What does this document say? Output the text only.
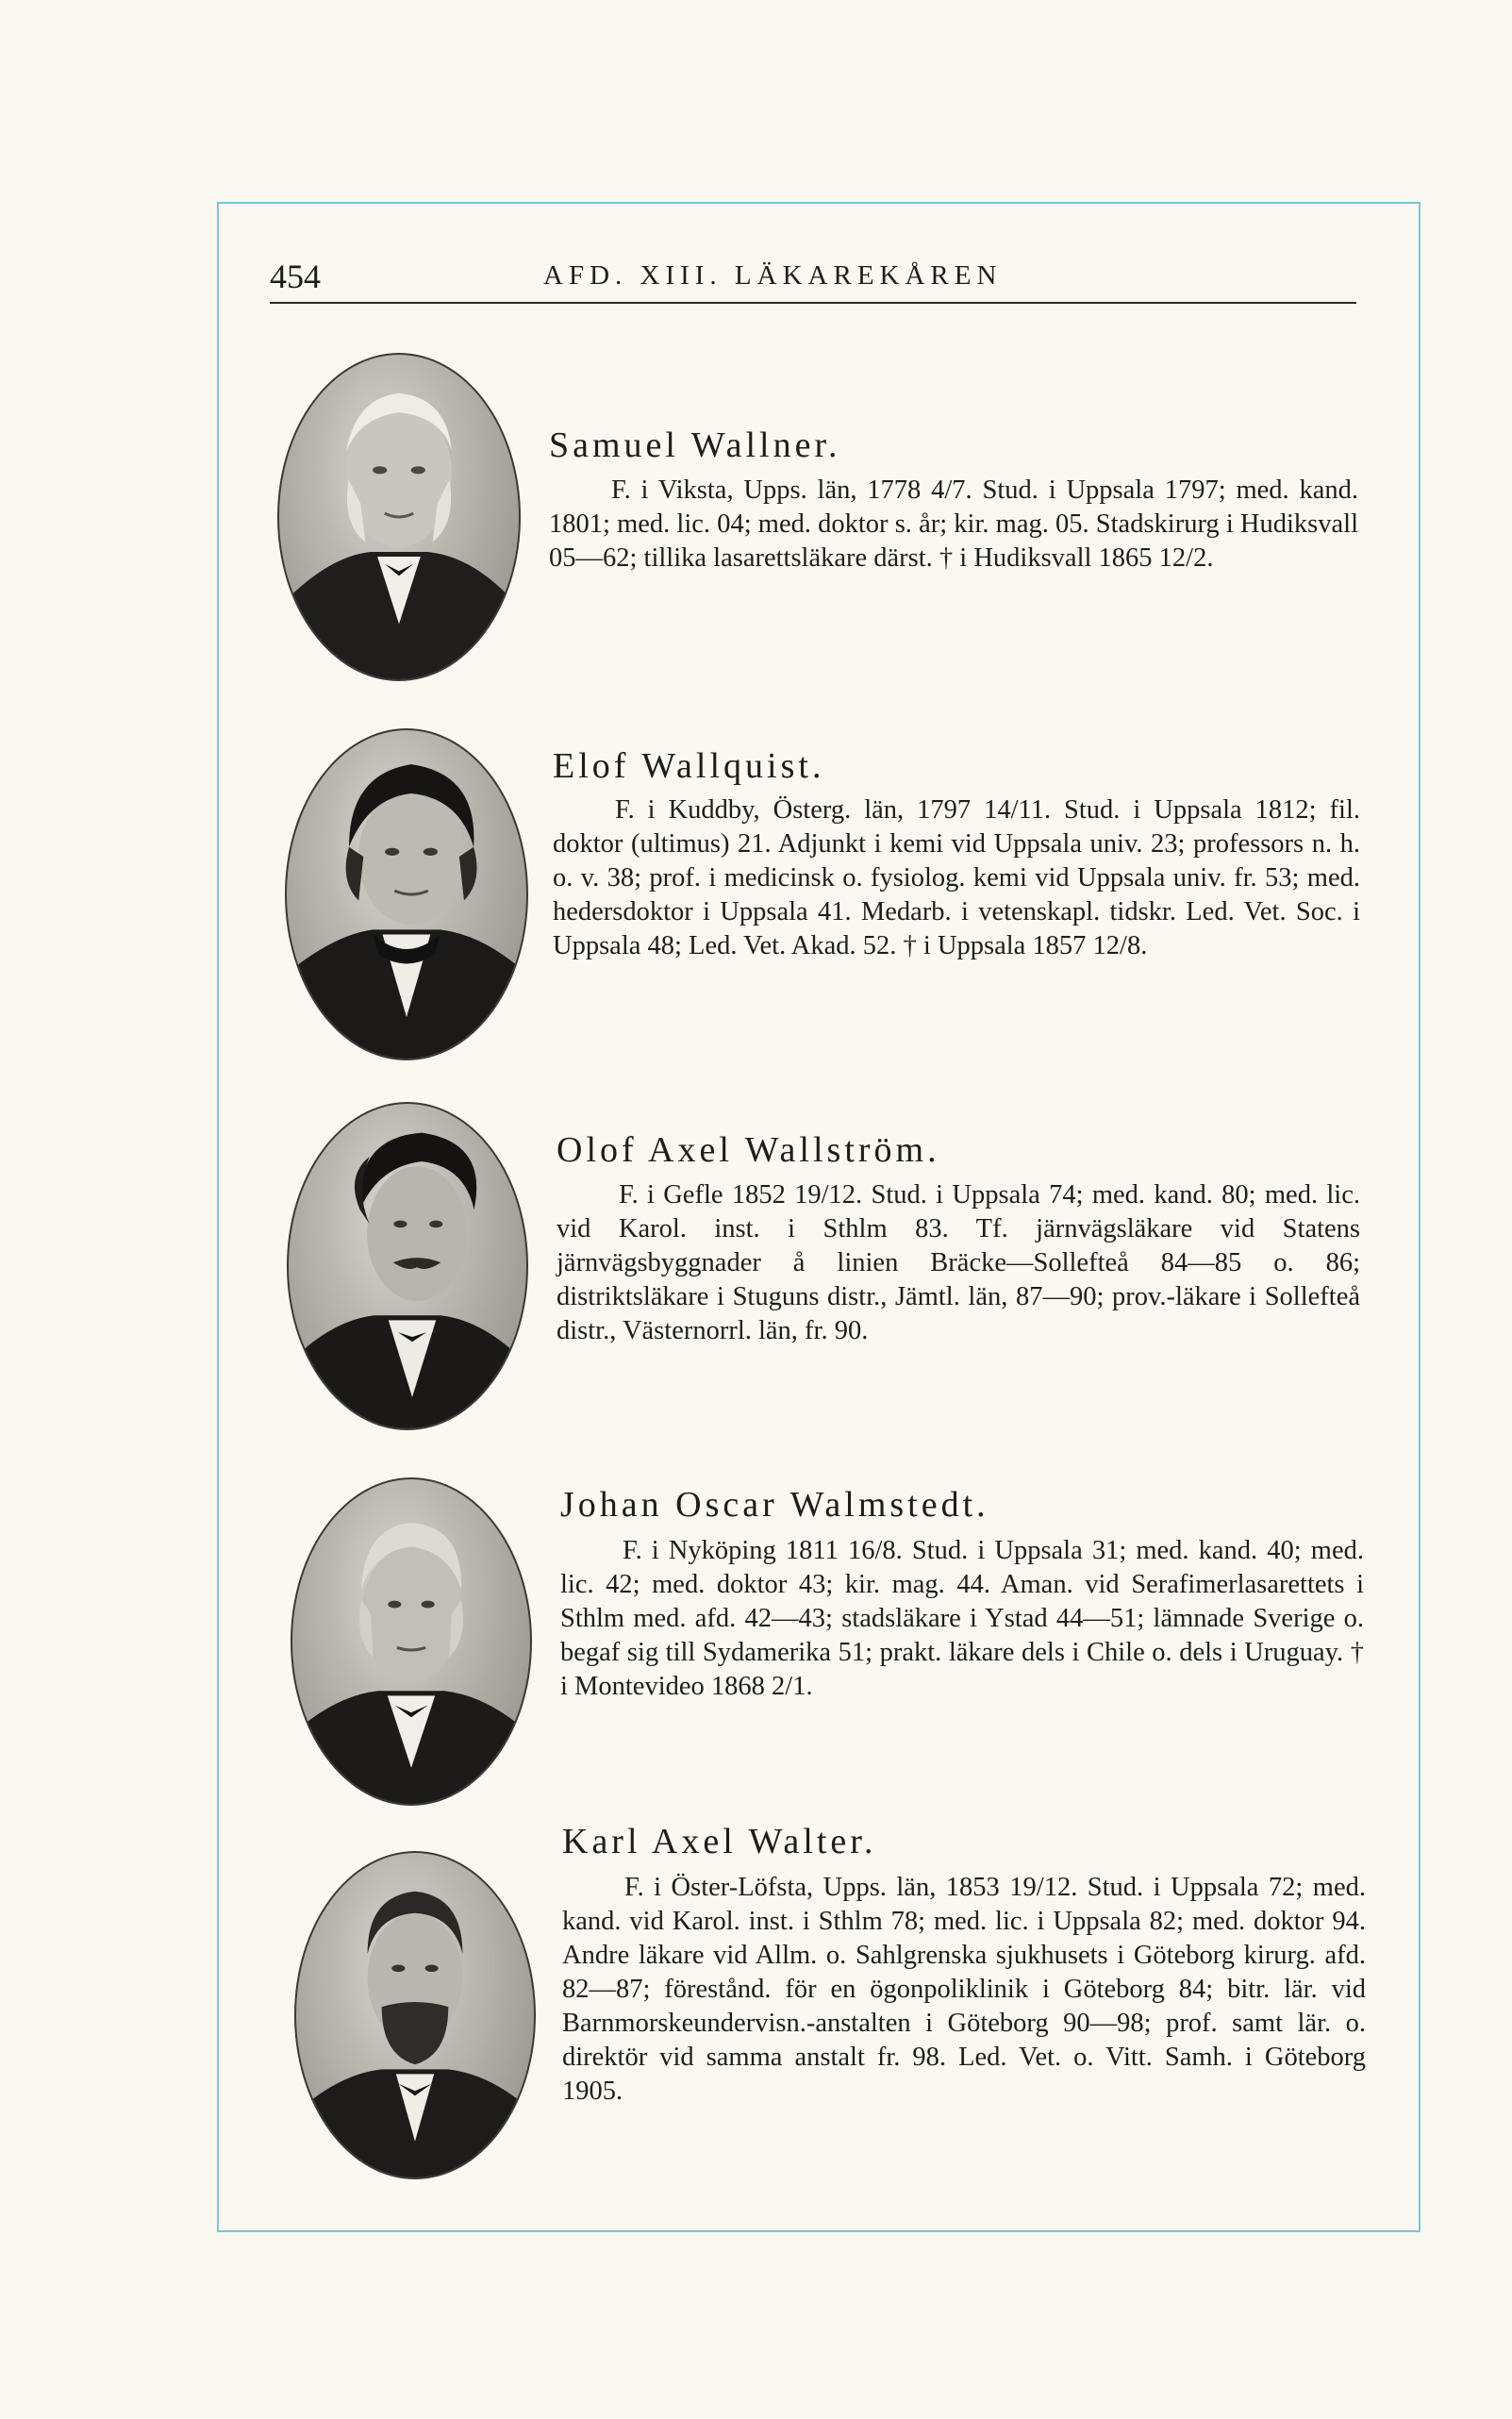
454	AFD. XIII. LÄKAREKÅREN
Samuel Wallner.

F. i Viksta, Upps. län, 1778 4/7. Stud. i Uppsala 1797; med. kand. 1801; med. lic. 04; med. doktor s. år; kir. mag. 05. Stadskirurg i Hudiksvall 05—62; tillika lasarettsläkare därst. † i Hudiksvall 1865 12/2.

Elof Wallquist.

F. i Kuddby, Österg. län, 1797 14/11. Stud. i Uppsala 1812; fil. doktor (ultimus) 21. Adjunkt i kemi vid Uppsala univ. 23; professors n. h. o. v. 38; prof. i medicinsk o. fysiolog. kemi vid Uppsala univ. fr. 53; med. hedersdoktor i Uppsala 41. Medarb. i vetenskapl. tidskr. Led. Vet. Soc. i Uppsala 48; Led. Vet. Akad. 52. † i Uppsala 1857 12/8.

Olof Axel Wallström.

F. i Gefle 1852 19/12. Stud. i Uppsala 74; med. kand. 80; med. lic. vid Karol. inst. i Sthlm 83. Tf. järnvägsläkare vid Statens järnvägsbyggnader å linien Bräcke—Sollefteå 84—85 o. 86; distriktsläkare i Stuguns distr., Jämtl. län, 87—90; prov.-läkare i Sollefteå distr., Västernorrl. län, fr. 90.

Johan Oscar Walmstedt.

F. i Nyköping 1811 16/8. Stud. i Uppsala 31; med. kand. 40; med. lic. 42; med. doktor 43; kir. mag. 44. Aman. vid Serafimerlasarettets i Sthlm med. afd. 42—43; stadsläkare i Ystad 44—51; lämnade Sverige o. begaf sig till Sydamerika 51; prakt. läkare dels i Chile o. dels i Uruguay. † i Montevideo 1868 2/1.

Karl Axel Walter.

F. i Öster-Löfsta, Upps. län, 1853 19/12. Stud. i Uppsala 72; med. kand. vid Karol. inst. i Sthlm 78; med. lic. i Uppsala 82; med. doktor 94. Andre läkare vid Allm. o. Sahlgrenska sjukhusets i Göteborg kirurg. afd. 82—87; förestånd. för en ögonpoliklinik i Göteborg 84; bitr. lär. vid Barnmorskeundervisn.-anstalten i Göteborg 90—98; prof. samt lär. o. direktör vid samma anstalt fr. 98. Led. Vet. o. Vitt. Samh. i Göteborg 1905.
